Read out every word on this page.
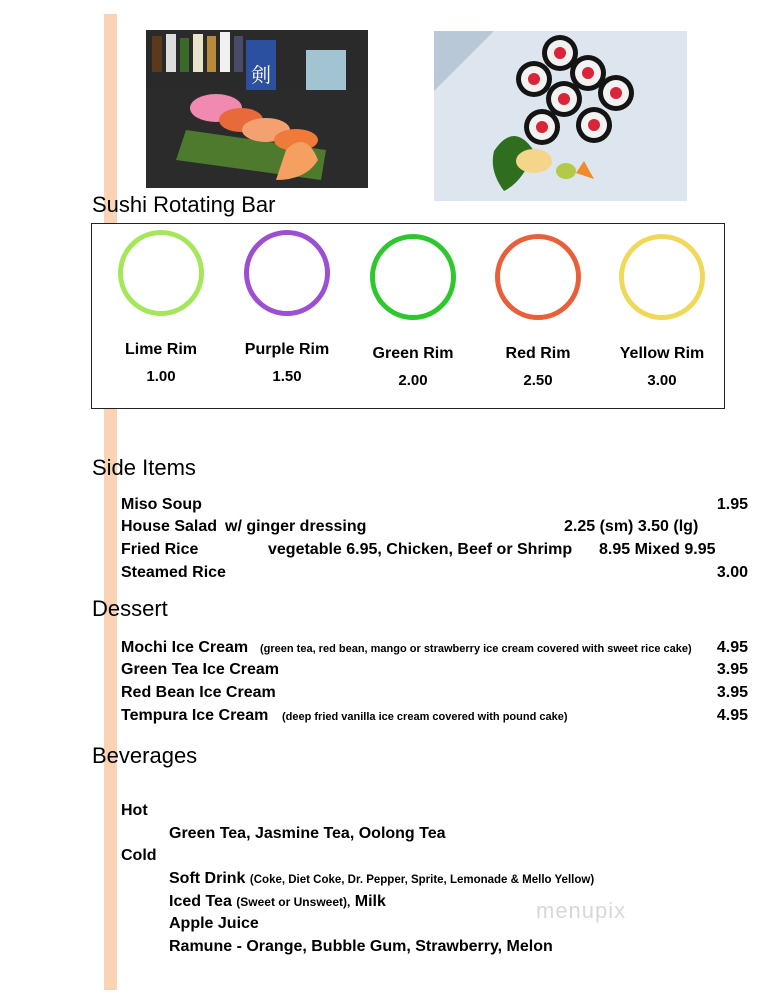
剣
Sushi Rotating Bar
Lime Rim
1.00
Purple Rim
1.50
Green Rim
2.00
Red Rim
2.50
Yellow Rim
3.00
Side Items
Miso Soup	1.95
House Salad w/ ginger dressing	2.25 (sm) 3.50 (lg)
Fried Rice	vegetable 6.95, Chicken, Beef or Shrimp 8.95 Mixed 9.95
Steamed Rice	3.00
Dessert
Mochi Ice Cream (green tea, red bean, mango or strawberry ice cream covered with sweet rice cake) 4.95
Green Tea Ice Cream	3.95
Red Bean Ice Cream	3.95
Tempura Ice Cream (deep fried vanilla ice cream covered with pound cake)	4.95
Beverages
Hot
Green Tea, Jasmine Tea, Oolong Tea
Cold
Soft Drink (Coke, Diet Coke, Dr. Pepper, Sprite, Lemonade & Mello Yellow)
Iced Tea (Sweet or Unsweet), Milk
Apple Juice
Ramune - Orange, Bubble Gum, Strawberry, Melon
menupix
